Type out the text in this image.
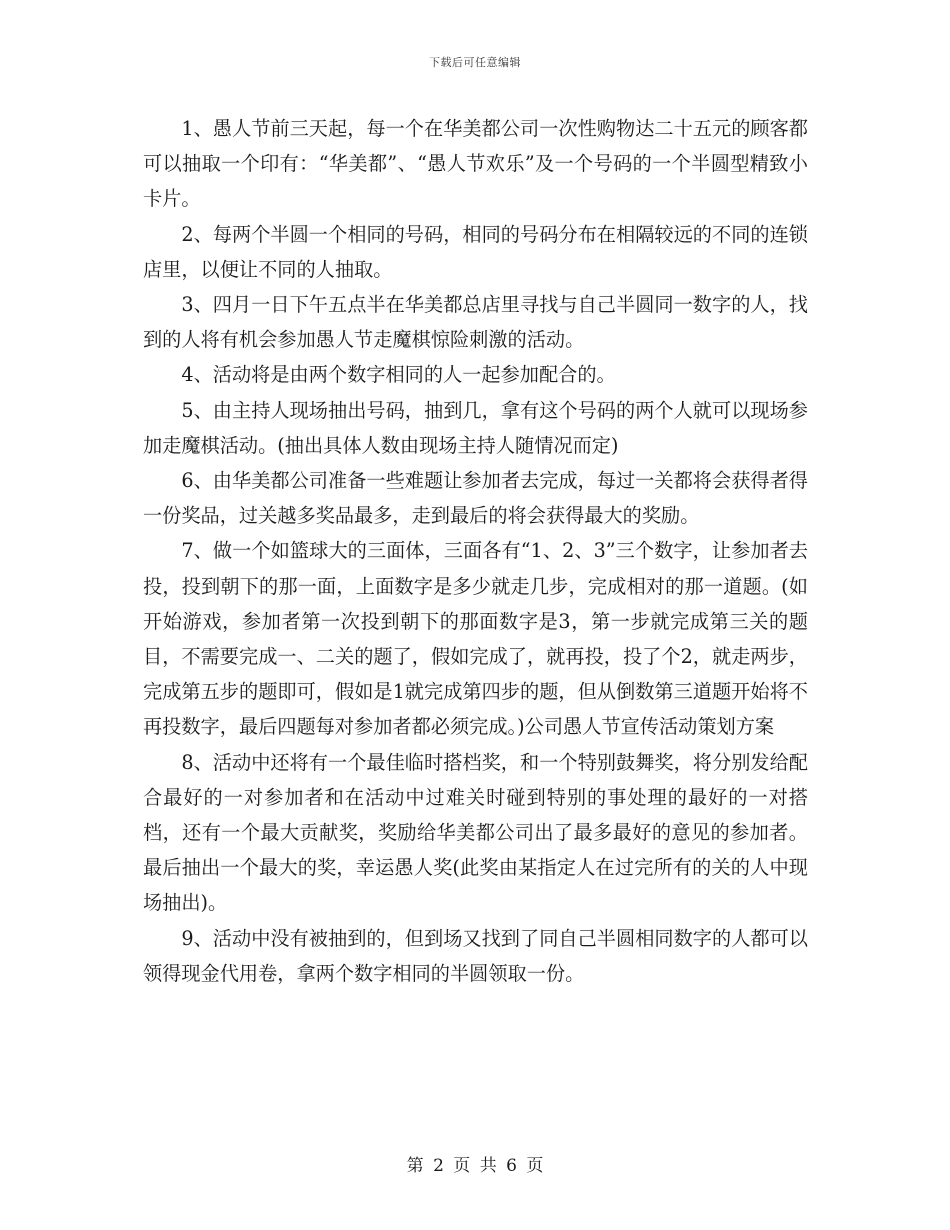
下载后可任意编辑

1、愚人节前三天起，每一个在华美都公司一次性购物达二十五元的顾客都可以抽取一个印有：“华美都”、“愚人节欢乐”及一个号码的一个半圆型精致小卡片。

2、每两个半圆一个相同的号码，相同的号码分布在相隔较远的不同的连锁店里，以便让不同的人抽取。

3、四月一日下午五点半在华美都总店里寻找与自己半圆同一数字的人，找到的人将有机会参加愚人节走魔棋惊险刺激的活动。

4、活动将是由两个数字相同的人一起参加配合的。

5、由主持人现场抽出号码，抽到几，拿有这个号码的两个人就可以现场参加走魔棋活动。(抽出具体人数由现场主持人随情况而定)

6、由华美都公司准备一些难题让参加者去完成，每过一关都将会获得者得一份奖品，过关越多奖品最多，走到最后的将会获得最大的奖励。

7、做一个如篮球大的三面体，三面各有“1、2、3”三个数字，让参加者去投，投到朝下的那一面，上面数字是多少就走几步，完成相对的那一道题。(如开始游戏，参加者第一次投到朝下的那面数字是3，第一步就完成第三关的题目，不需要完成一、二关的题了，假如完成了，就再投，投了个2，就走两步，完成第五步的题即可，假如是1就完成第四步的题，但从倒数第三道题开始将不再投数字，最后四题每对参加者都必须完成。)公司愚人节宣传活动策划方案

8、活动中还将有一个最佳临时搭档奖，和一个特别鼓舞奖，将分别发给配合最好的一对参加者和在活动中过难关时碰到特别的事处理的最好的一对搭档，还有一个最大贡献奖，奖励给华美都公司出了最多最好的意见的参加者。最后抽出一个最大的奖，幸运愚人奖(此奖由某指定人在过完所有的关的人中现场抽出)。

9、活动中没有被抽到的，但到场又找到了同自己半圆相同数字的人都可以领得现金代用卷，拿两个数字相同的半圆领取一份。

第 2 页 共 6 页
